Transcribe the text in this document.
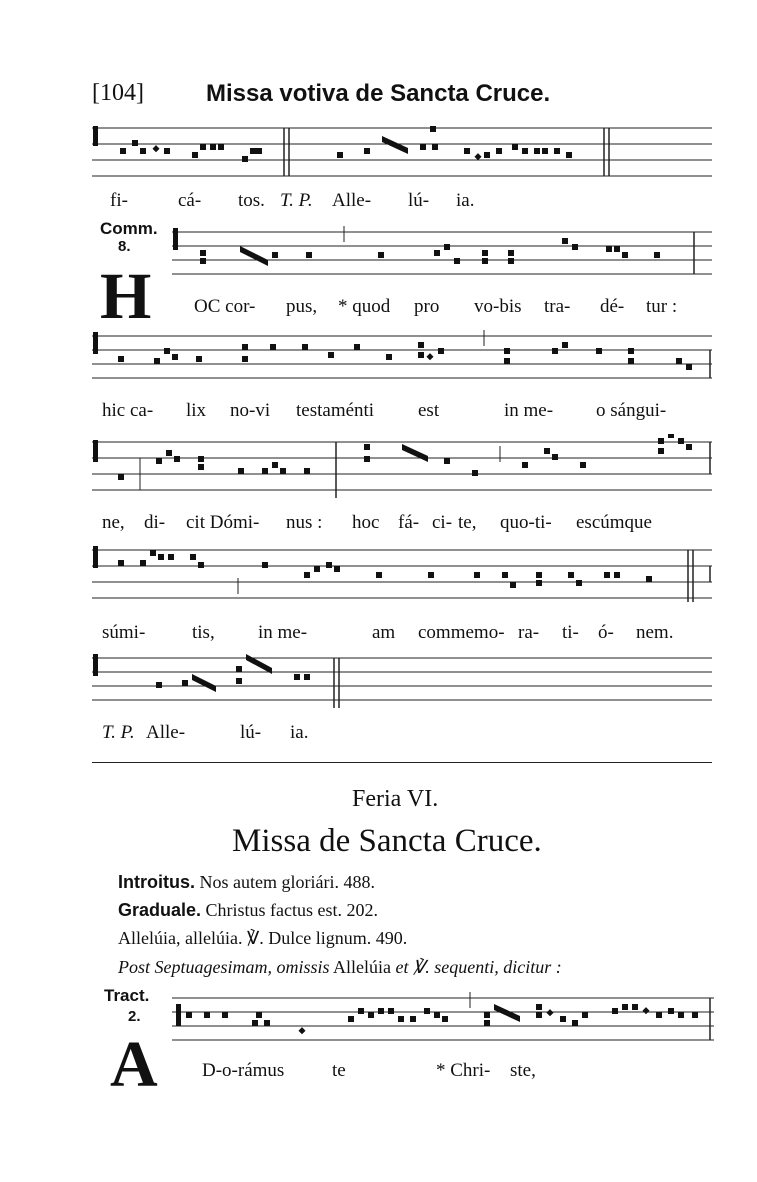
[104]	Missa votiva de Sancta Cruce.
fi-	cá- tos. T. P. Alle- lú- ia.
Comm.
8.
H OC cor- pus, * quod pro vo-bis tra- dé- tur :
hic ca- lix no-vi testaménti est	in me- o sángui-
ne, di- cit Dómi- nus : hoc fá- ci- te, quo-ti- escúmque
súmi- tis, in me-	am commemo- ra- ti- ó- nem.
T. P. Alle-	lú- ia.
Feria VI.
Missa de Sancta Cruce.
Introitus. Nos autem gloriári. 488.
Graduale. Christus factus est. 202.
Allelúia, allelúia. ℣. Dulce lignum. 490.
Post Septuagesimam, omissis Allelúia et ℣. sequenti, dicitur :
Tract.
2.
A D-o-rámus	te	* Chri- ste,
